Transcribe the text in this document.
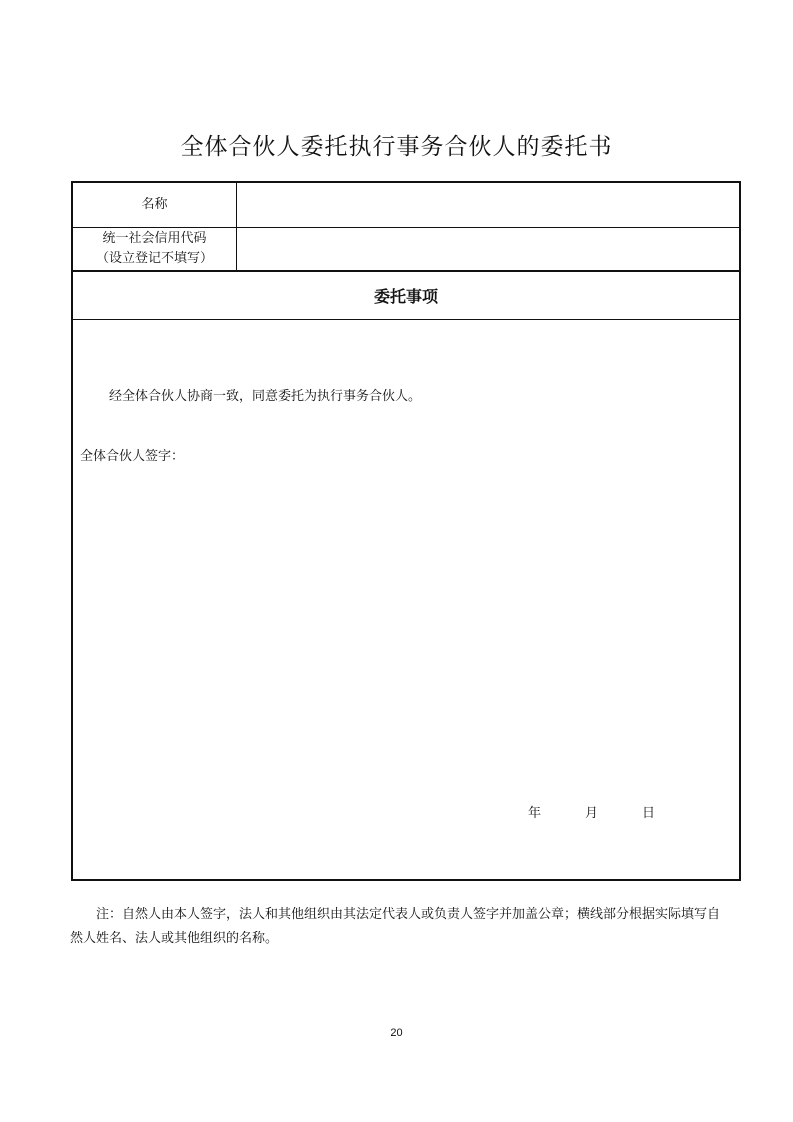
全体合伙人委托执行事务合伙人的委托书
名称
统一社会信用代码
（设立登记不填写）
委托事项
经全体合伙人协商一致，同意委托为执行事务合伙人。
全体合伙人签字：
年	月	日
注：自然人由本人签字，法人和其他组织由其法定代表人或负责人签字并加盖公章；横线部分根据实际填写自然人姓名、法人或其他组织的名称。
20
